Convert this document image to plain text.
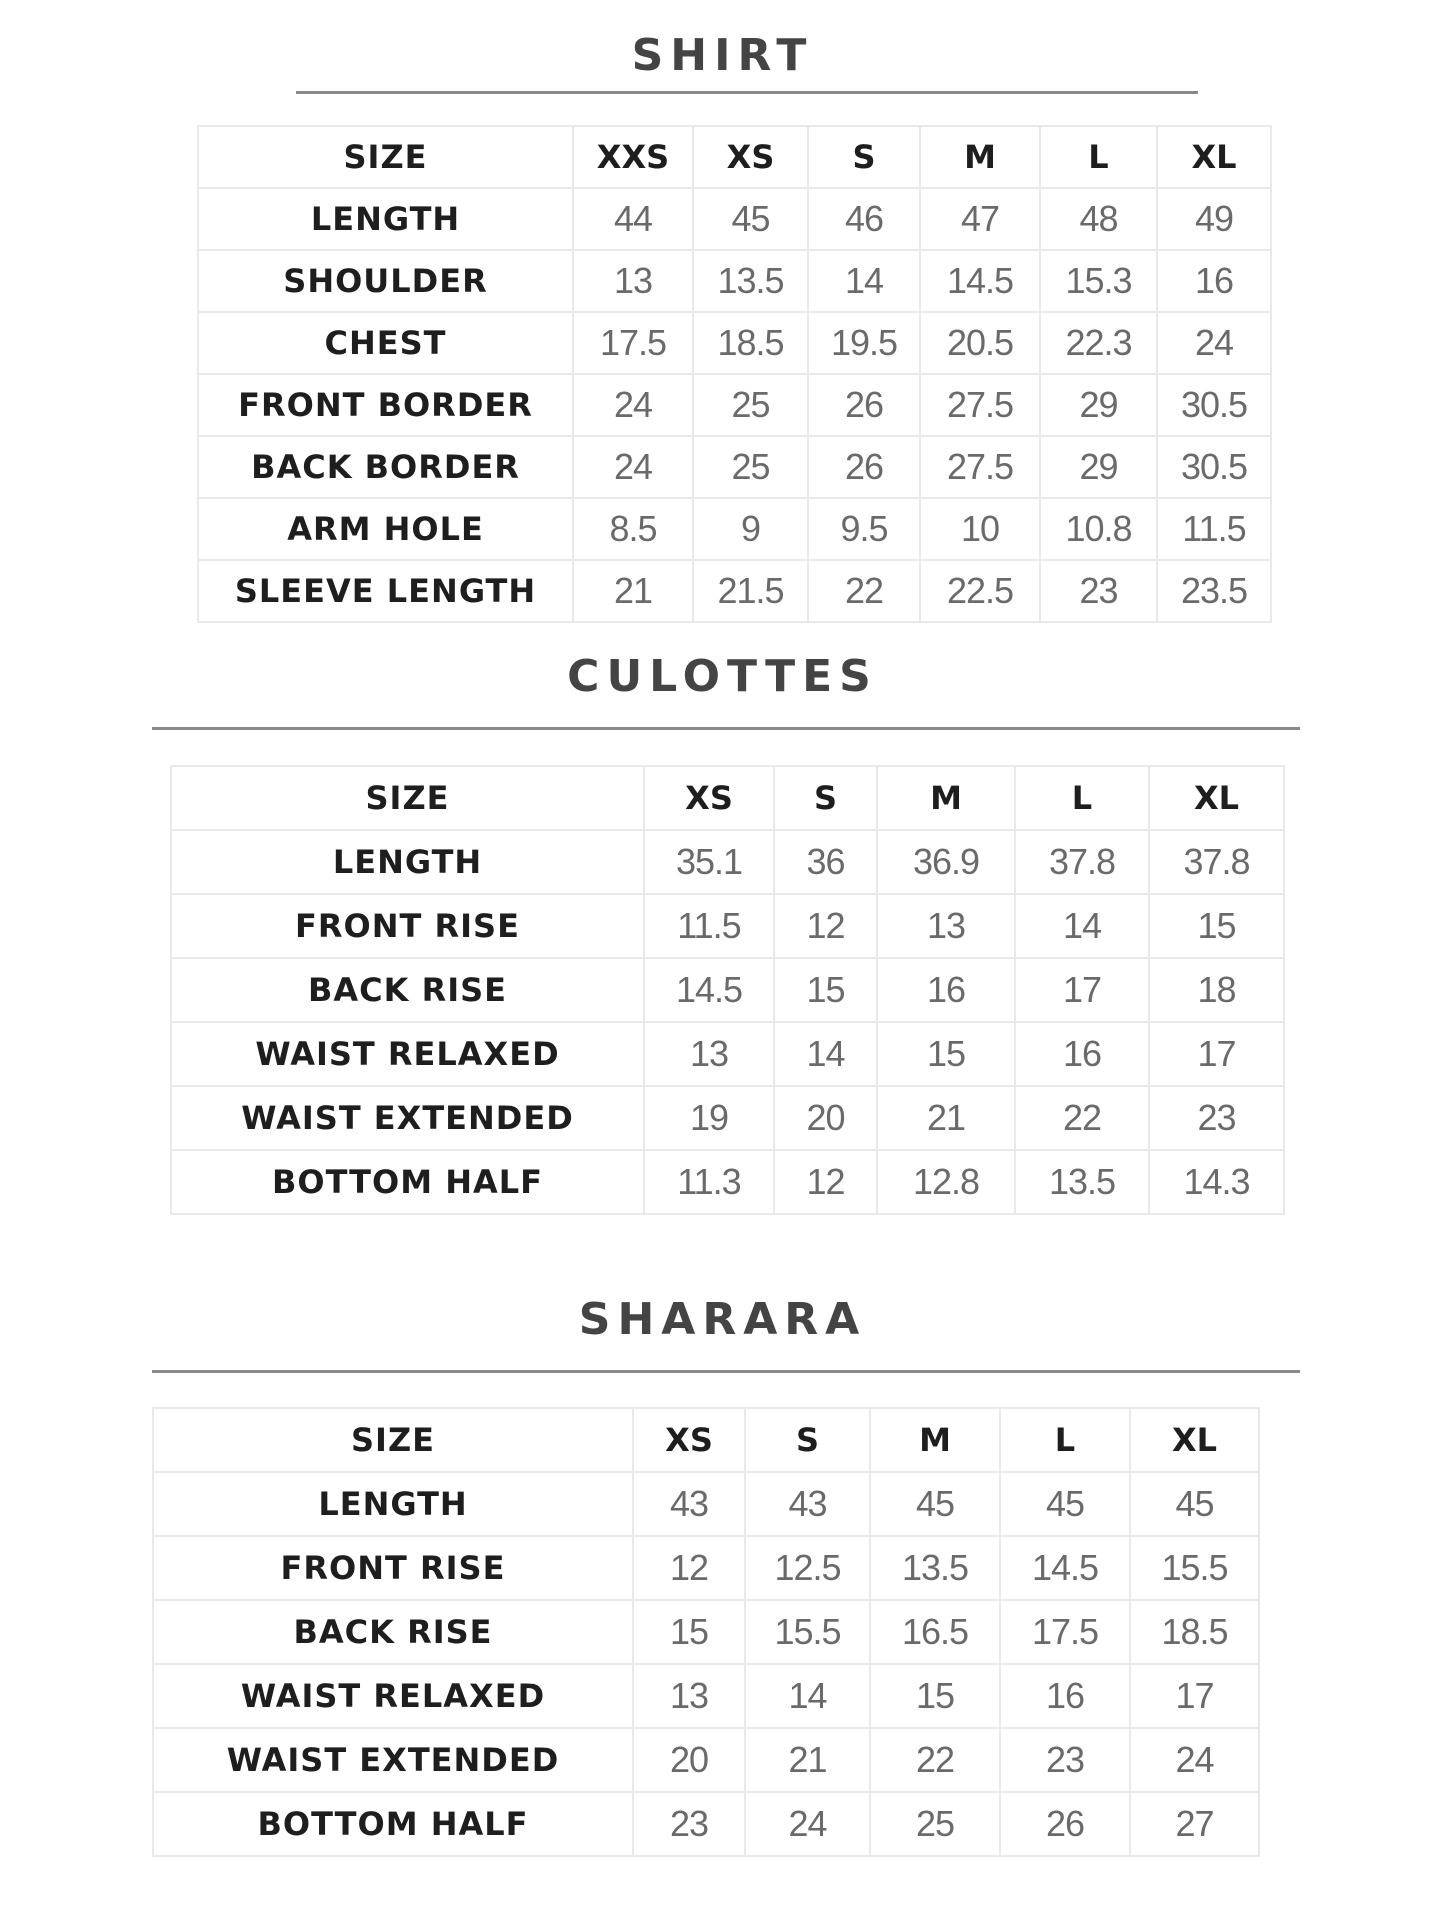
SHIRT
SIZE	XXS	XS	S	M	L	XL
LENGTH	44	45	46	47	48	49
SHOULDER	13	13.5	14	14.5	15.3	16
CHEST	17.5	18.5	19.5	20.5	22.3	24
FRONT BORDER	24	25	26	27.5	29	30.5
BACK BORDER	24	25	26	27.5	29	30.5
ARM HOLE	8.5	9	9.5	10	10.8	11.5
SLEEVE LENGTH	21	21.5	22	22.5	23	23.5
CULOTTES
SIZE	XS	S	M	L	XL
LENGTH	35.1	36	36.9	37.8	37.8
FRONT RISE	11.5	12	13	14	15
BACK RISE	14.5	15	16	17	18
WAIST RELAXED	13	14	15	16	17
WAIST EXTENDED	19	20	21	22	23
BOTTOM HALF	11.3	12	12.8	13.5	14.3
SHARARA
SIZE	XS	S	M	L	XL
LENGTH	43	43	45	45	45
FRONT RISE	12	12.5	13.5	14.5	15.5
BACK RISE	15	15.5	16.5	17.5	18.5
WAIST RELAXED	13	14	15	16	17
WAIST EXTENDED	20	21	22	23	24
BOTTOM HALF	23	24	25	26	27
